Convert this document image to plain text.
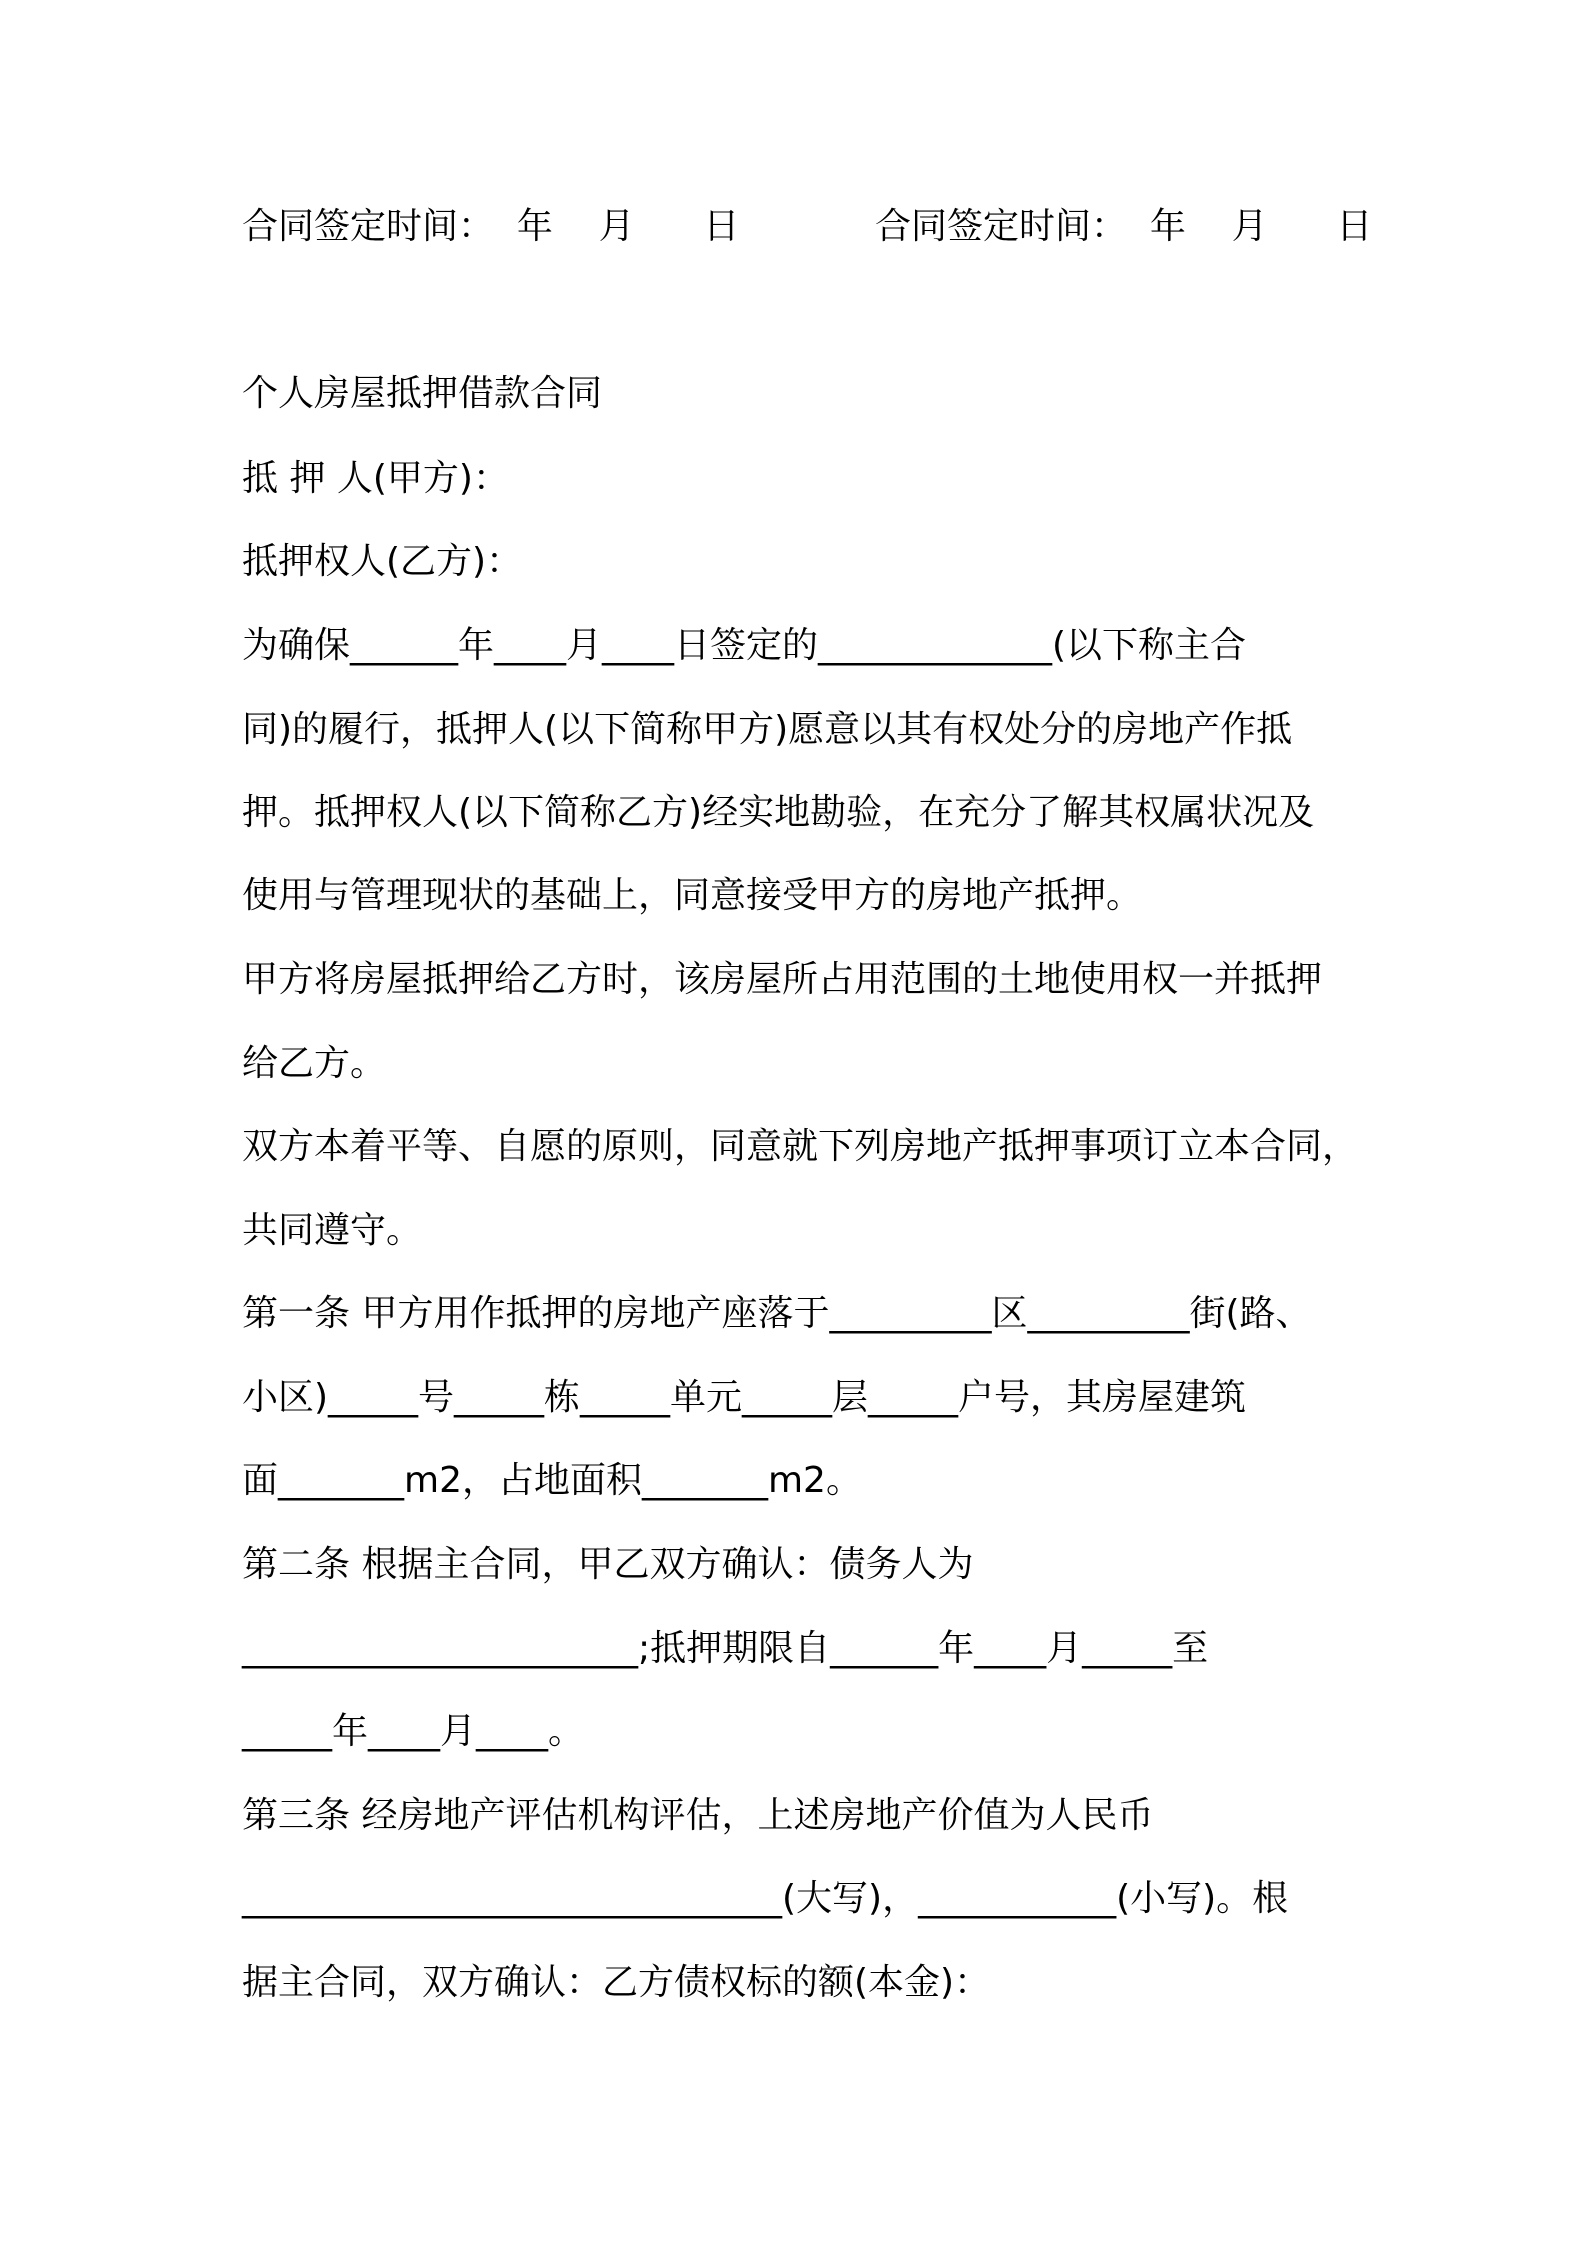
合同签定时间：  年    月      日	合同签定时间：  年    月      日
个人房屋抵押借款合同
抵 押 人(甲方)：
抵押权人(乙方)：
为确保______年____月____日签定的_____________(以下称主合
同)的履行，抵押人(以下简称甲方)愿意以其有权处分的房地产作抵
押。抵押权人(以下简称乙方)经实地勘验，在充分了解其权属状况及
使用与管理现状的基础上，同意接受甲方的房地产抵押。
甲方将房屋抵押给乙方时，该房屋所占用范围的土地使用权一并抵押
给乙方。
双方本着平等、自愿的原则，同意就下列房地产抵押事项订立本合同，
共同遵守。
第一条 甲方用作抵押的房地产座落于_________区_________街(路、
小区)_____号_____栋_____单元_____层_____户号，其房屋建筑
面_______m2，占地面积_______m2。
第二条 根据主合同，甲乙双方确认：债务人为
______________________;抵押期限自______年____月_____至
_____年____月____。
第三条 经房地产评估机构评估，上述房地产价值为人民币
______________________________(大写)，___________(小写)。根
据主合同，双方确认：乙方债权标的额(本金)：
